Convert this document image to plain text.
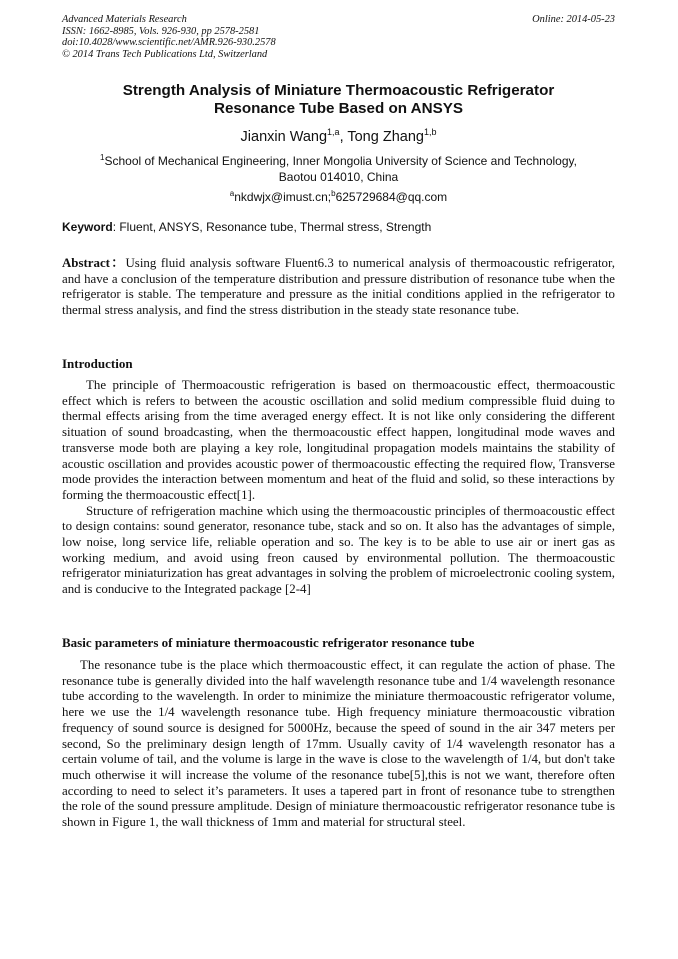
Advanced Materials Research
ISSN: 1662-8985, Vols. 926-930, pp 2578-2581
doi:10.4028/www.scientific.net/AMR.926-930.2578
© 2014 Trans Tech Publications Ltd, Switzerland
Online: 2014-05-23
Strength Analysis of Miniature Thermoacoustic Refrigerator
Resonance Tube Based on ANSYS
Jianxin Wang$^{1,a}$, Tong Zhang$^{1,b}$
$^1$School of Mechanical Engineering, Inner Mongolia University of Science and Technology,
Baotou 014010, China
$^a$nkdwjx@imust.cn;$^b$625729684@qq.com
Keyword: Fluent, ANSYS, Resonance tube, Thermal stress, Strength
Abstract：Using fluid analysis software Fluent6.3 to numerical analysis of thermoacoustic refrigerator, and have a conclusion of the temperature distribution and pressure distribution of resonance tube when the refrigerator is stable. The temperature and pressure as the initial conditions applied in the refrigerator to thermal stress analysis, and find the stress distribution in the steady state resonance tube.
Introduction

The principle of Thermoacoustic refrigeration is based on thermoacoustic effect, thermoacoustic effect which is refers to between the acoustic oscillation and solid medium compressible fluid duing to thermal effects arising from the time averaged energy effect. It is not like only considering the different situation of sound broadcasting, when the thermoacoustic effect happen, longitudinal mode waves and transverse mode both are playing a key role, longitudinal propagation models maintains the stability of acoustic oscillation and provides acoustic power of thermoacoustic effecting the required flow, Transverse mode provides the interaction between momentum and heat of the fluid and solid, so these interactions by forming the thermoacoustic effect[1].

Structure of refrigeration machine which using the thermoacoustic principles of thermoacoustic effect to design contains: sound generator, resonance tube, stack and so on. It also has the advantages of simple, low noise, long service life, reliable operation and so. The key is to be able to use air or inert gas as working medium, and avoid using freon caused by environmental pollution. The thermoacoustic refrigerator miniaturization has great advantages in solving the problem of microelectronic cooling system, and is conducive to the Integrated package [2-4]

Basic parameters of miniature thermoacoustic refrigerator resonance tube

The resonance tube is the place which thermoacoustic effect, it can regulate the action of phase. The resonance tube is generally divided into the half wavelength resonance tube and 1/4 wavelength resonance tube according to the wavelength. In order to minimize the miniature thermoacoustic refrigerator volume, here we use the 1/4 wavelength resonance tube. High frequency miniature thermoacoustic vibration frequency of sound source is designed for 5000Hz, because the speed of sound in the air 347 meters per second, So the preliminary design length of 17mm. Usually cavity of 1/4 wavelength resonator has a certain volume of tail, and the volume is large in the wave is close to the wavelength of 1/4, but don't take much otherwise it will increase the volume of the resonance tube[5],this is not we want, therefore often according to need to select it’s parameters. It uses a tapered part in front of resonance tube to strengthen the role of the sound pressure amplitude. Design of miniature thermoacoustic refrigerator resonance tube is shown in Figure 1, the wall thickness of 1mm and material for structural steel.
